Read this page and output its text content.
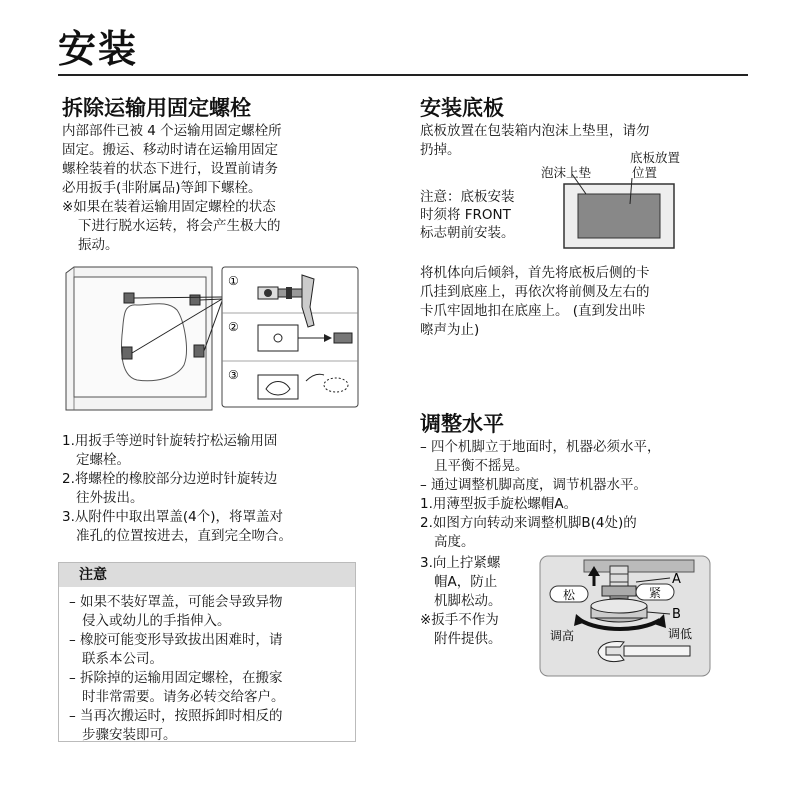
安装
拆除运输用固定螺栓

内部部件已被 4 个运输用固定螺栓所

固定。搬运、移动时请在运输用固定

螺栓装着的状态下进行，设置前请务

必用扳手(非附属品)等卸下螺栓。

※如果在装着运输用固定螺栓的状态

下进行脱水运转，将会产生极大的

振动。

①
②
③

1.用扳手等逆时针旋转拧松运输用固

定螺栓。

2.将螺栓的橡胶部分边逆时针旋转边

往外拔出。

3.从附件中取出罩盖(4个)，将罩盖对

准孔的位置按进去，直到完全吻合。

注意

– 如果不装好罩盖，可能会导致异物

侵入或幼儿的手指伸入。

– 橡胶可能变形导致拔出困难时，请

联系本公司。

– 拆除掉的运输用固定螺栓，在搬家

时非常需要。请务必转交给客户。

– 当再次搬运时，按照拆卸时相反的

步骤安装即可。

安装底板

底板放置在包装箱内泡沫上垫里，请勿

扔掉。

泡沫上垫
底板放置
位置

注意：底板安装

时须将 FRONT

标志朝前安装。

将机体向后倾斜，首先将底板后侧的卡

爪挂到底座上，再依次将前侧及左右的

卡爪牢固地扣在底座上。 (直到发出咔

嚓声为止)

调整水平

– 四个机脚立于地面时，机器必须水平，

且平衡不摇晃。

– 通过调整机脚高度，调节机器水平。

1.用薄型扳手旋松螺帽A。

2.如图方向转动来调整机脚B(4处)的

高度。

3.向上拧紧螺

帽A，防止

机脚松动。

※扳手不作为

附件提供。

松	紧
A
B
调高	调低
